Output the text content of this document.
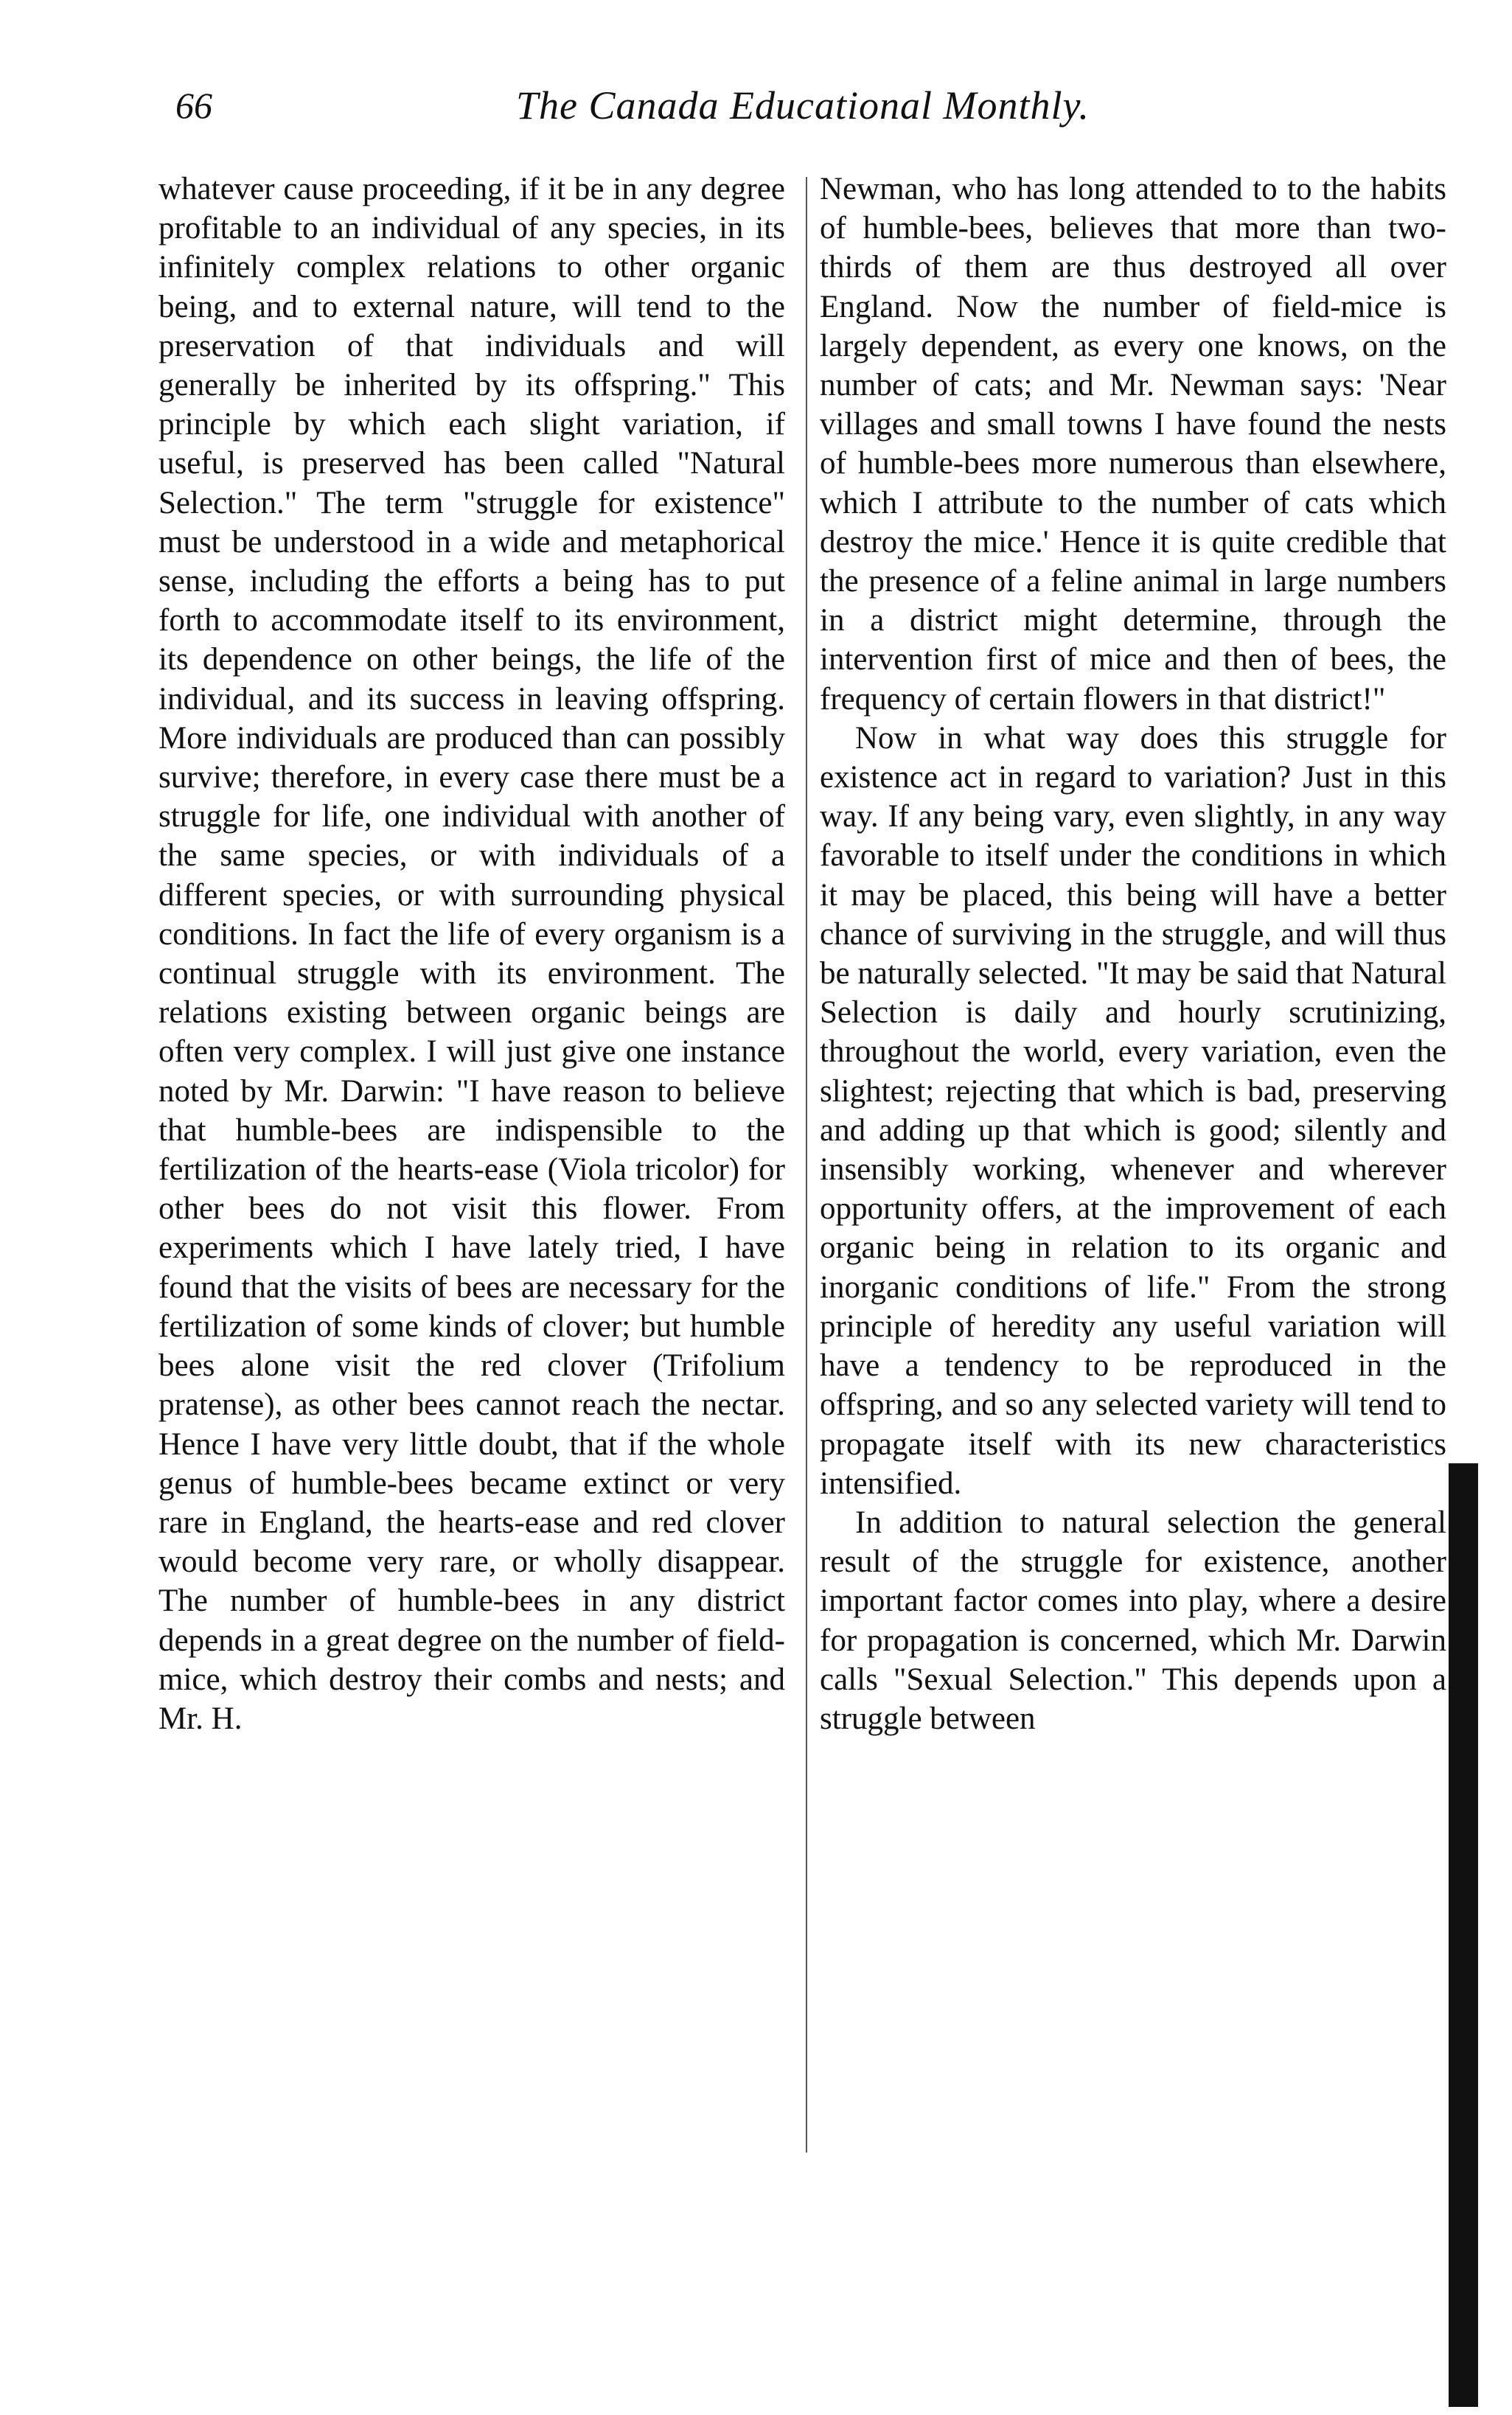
66	The Canada Educational Monthly.

whatever cause proceeding, if it be in any degree profitable to an individual of any species, in its infinitely complex relations to other organic being, and to external nature, will tend to the preservation of that individuals and will generally be inherited by its offspring." This principle by which each slight variation, if useful, is preserved has been called "Natural Selection." The term "struggle for existence" must be understood in a wide and metaphorical sense, including the efforts a being has to put forth to accommodate itself to its environment, its dependence on other beings, the life of the individual, and its success in leaving offspring. More individuals are produced than can possibly survive; therefore, in every case there must be a struggle for life, one individual with another of the same species, or with individuals of a different species, or with surrounding physical conditions. In fact the life of every organism is a continual struggle with its environment. The relations existing between organic beings are often very complex. I will just give one instance noted by Mr. Darwin: "I have reason to believe that humble-bees are indispensible to the fertilization of the hearts-ease (Viola tricolor) for other bees do not visit this flower. From experiments which I have lately tried, I have found that the visits of bees are necessary for the fertilization of some kinds of clover; but humble bees alone visit the red clover (Trifolium pratense), as other bees cannot reach the nectar. Hence I have very little doubt, that if the whole genus of humble-bees became extinct or very rare in England, the hearts-ease and red clover would become very rare, or wholly disappear. The number of humble-bees in any district depends in a great degree on the number of field-mice, which destroy their combs and nests; and Mr. H.

Newman, who has long attended to to the habits of humble-bees, believes that more than two-thirds of them are thus destroyed all over England. Now the number of field-mice is largely dependent, as every one knows, on the number of cats; and Mr. Newman says: 'Near villages and small towns I have found the nests of humble-bees more numerous than elsewhere, which I attribute to the number of cats which destroy the mice.' Hence it is quite credible that the presence of a feline animal in large numbers in a district might determine, through the intervention first of mice and then of bees, the frequency of certain flowers in that district!"

Now in what way does this struggle for existence act in regard to variation? Just in this way. If any being vary, even slightly, in any way favorable to itself under the conditions in which it may be placed, this being will have a better chance of surviving in the struggle, and will thus be naturally selected. "It may be said that Natural Selection is daily and hourly scrutinizing, throughout the world, every variation, even the slightest; rejecting that which is bad, preserving and adding up that which is good; silently and insensibly working, whenever and wherever opportunity offers, at the improvement of each organic being in relation to its organic and inorganic conditions of life." From the strong principle of heredity any useful variation will have a tendency to be reproduced in the offspring, and so any selected variety will tend to propagate itself with its new characteristics intensified.

In addition to natural selection the general result of the struggle for existence, another important factor comes into play, where a desire for propagation is concerned, which Mr. Darwin calls "Sexual Selection." This depends upon a struggle between
